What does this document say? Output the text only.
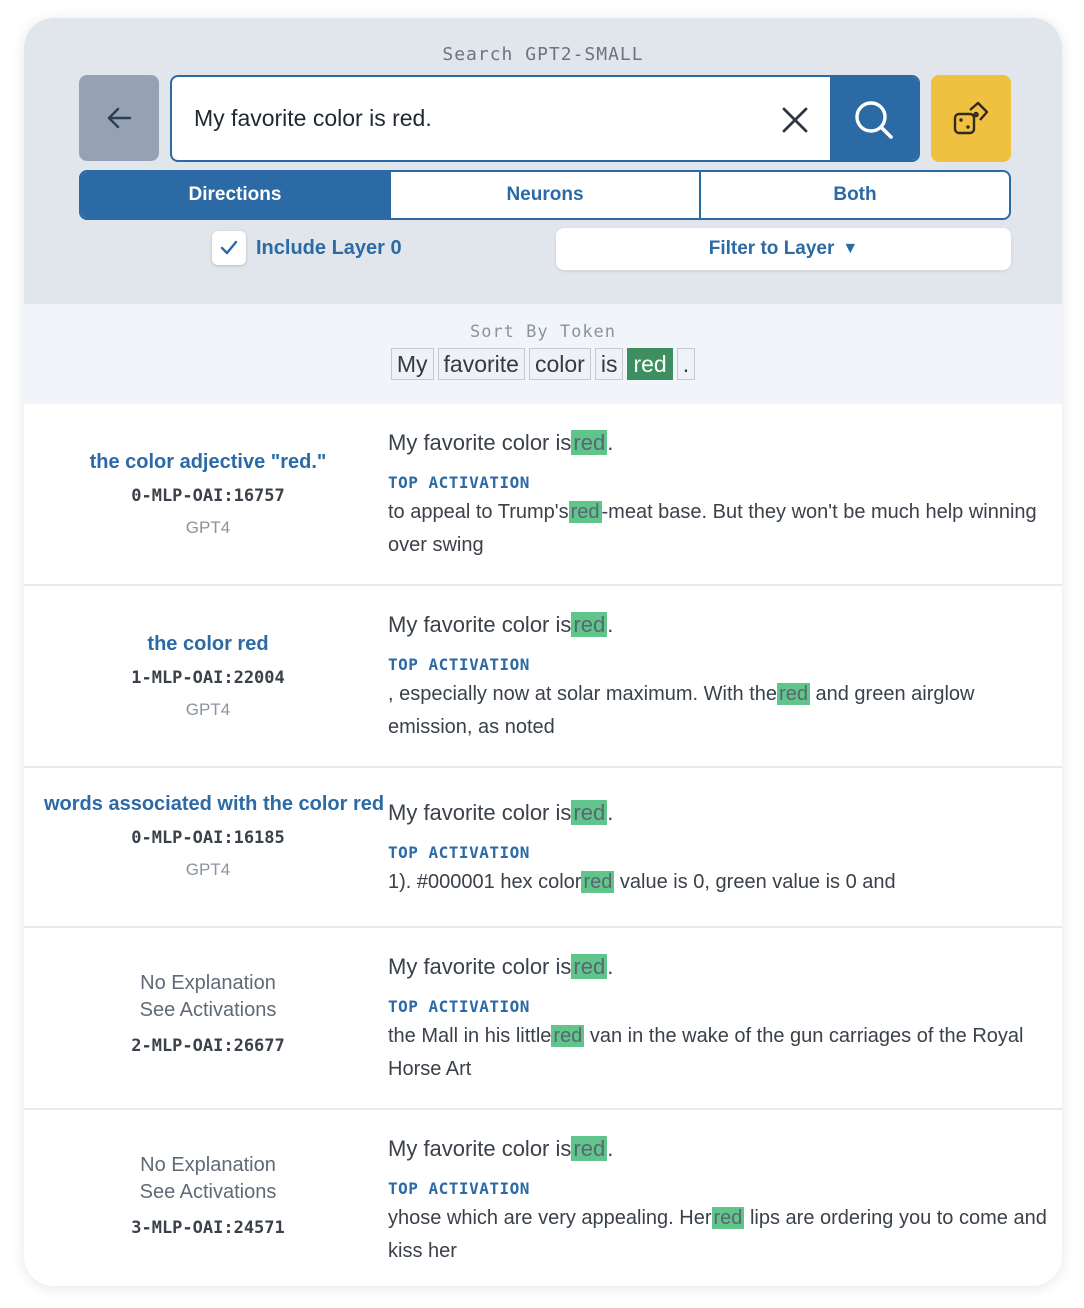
Search GPT2-SMALL
My favorite color is red.
Directions	Neurons	Both
Include Layer 0	Filter to Layer ▼
Sort By Token
My favorite color is red .
the color adjective "red."
0-MLP-OAI:16757
GPT4
My favorite color isred.
TOP ACTIVATION
to appeal to Trump's red -meat base. But they won't be much help winning over swing
the color red
1-MLP-OAI:22004
GPT4
My favorite color isred.
TOP ACTIVATION
, especially now at solar maximum. With the red and green airglow emission, as noted
words associated with the color red
0-MLP-OAI:16185
GPT4
My favorite color isred.
TOP ACTIVATION
1). #000001 hex color red value is 0, green value is 0 and
No Explanation
See Activations
2-MLP-OAI:26677
My favorite color isred.
TOP ACTIVATION
the Mall in his little red van in the wake of the gun carriages of the Royal Horse Art
No Explanation
See Activations
3-MLP-OAI:24571
My favorite color isred.
TOP ACTIVATION
yhose which are very appealing. Her red lips are ordering you to come and kiss her
